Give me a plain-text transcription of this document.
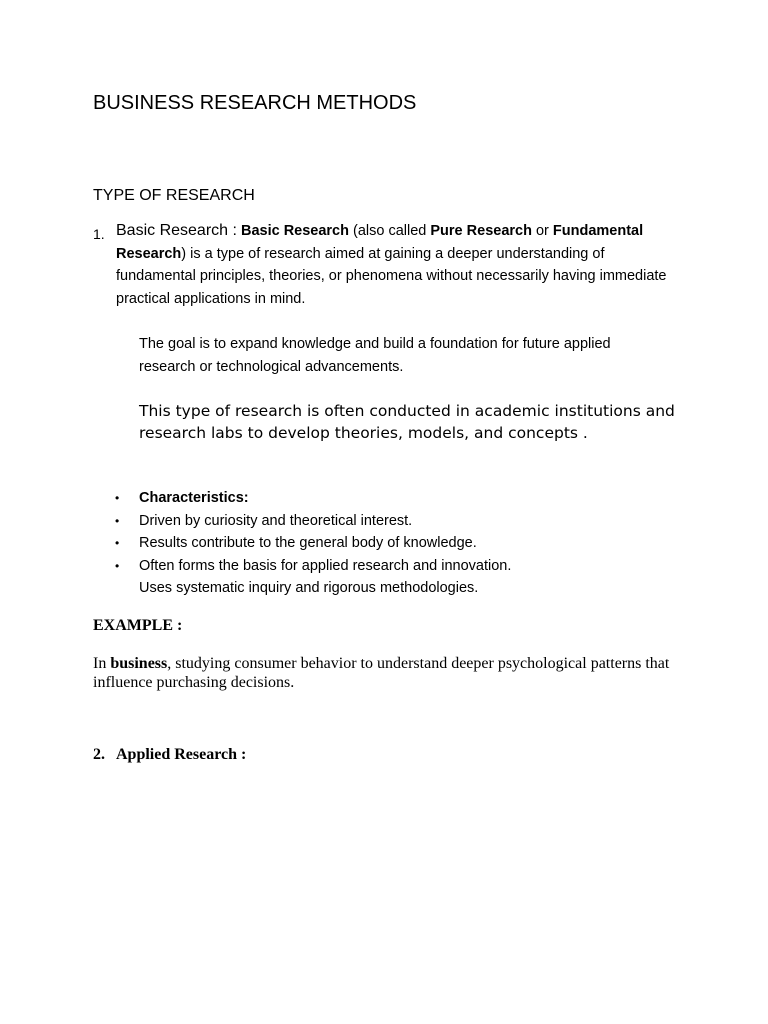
BUSINESS RESEARCH METHODS
TYPE OF RESEARCH
1. Basic Research : Basic Research (also called Pure Research or Fundamental Research) is a type of research aimed at gaining a deeper understanding of fundamental principles, theories, or phenomena without necessarily having immediate practical applications in mind.
The goal is to expand knowledge and build a foundation for future applied research or technological advancements.
This type of research is often conducted in academic institutions and research labs to develop theories, models, and concepts .
• Characteristics:
• Driven by curiosity and theoretical interest.
• Results contribute to the general body of knowledge.
• Often forms the basis for applied research and innovation.
Uses systematic inquiry and rigorous methodologies.
EXAMPLE :
In business, studying consumer behavior to understand deeper psychological patterns that influence purchasing decisions.
2. Applied Research :
